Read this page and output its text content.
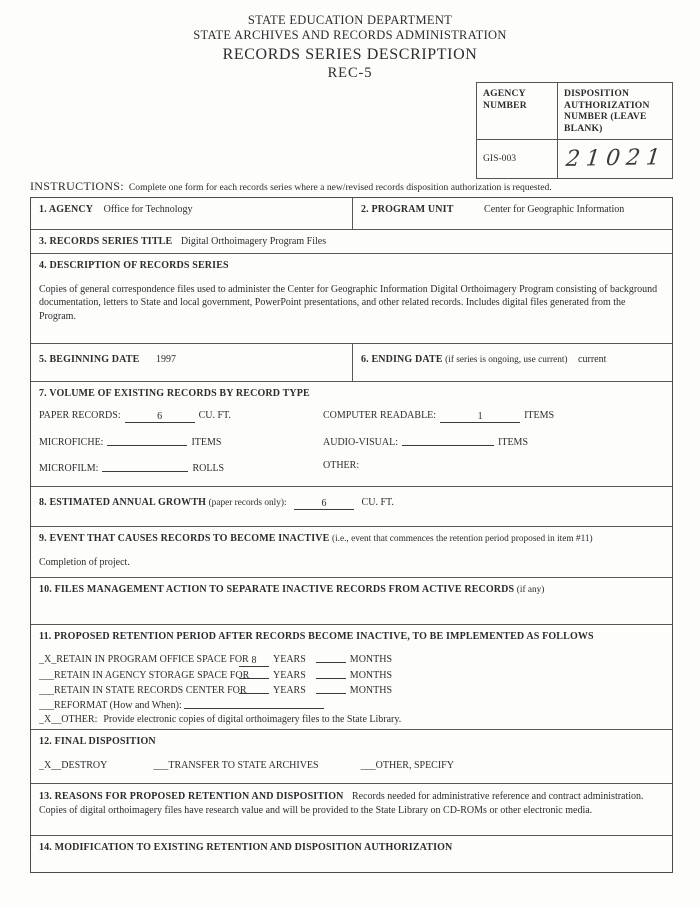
STATE EDUCATION DEPARTMENT
STATE ARCHIVES AND RECORDS ADMINISTRATION
RECORDS SERIES DESCRIPTION
REC-5
AGENCY NUMBER
DISPOSITION AUTHORIZATION NUMBER (LEAVE BLANK)
GIS-003	21021
INSTRUCTIONS: Complete one form for each records series where a new/revised records disposition authorization is requested.
1. AGENCY Office for Technology	2. PROGRAM UNIT	Center for Geographic Information
3. RECORDS SERIES TITLE Digital Orthoimagery Program Files
4. DESCRIPTION OF RECORDS SERIES
Copies of general correspondence files used to administer the Center for Geographic Information Digital Orthoimagery Program consisting of background documentation, letters to State and local government, PowerPoint presentations, and other related records. Includes digital files generated from the Program.
5. BEGINNING DATE 1997	6. ENDING DATE (if series is ongoing, use current) current
7. VOLUME OF EXISTING RECORDS BY RECORD TYPE
PAPER RECORDS:	6	CU. FT.	COMPUTER READABLE:	1	ITEMS
MICROFICHE:	ITEMS	AUDIO-VISUAL:	ITEMS
MICROFILM:	ROLLS	OTHER:
8. ESTIMATED ANNUAL GROWTH (paper records only):	6	CU. FT.
9. EVENT THAT CAUSES RECORDS TO BECOME INACTIVE (i.e., event that commences the retention period proposed in item #11)
Completion of project.
10. FILES MANAGEMENT ACTION TO SEPARATE INACTIVE RECORDS FROM ACTIVE RECORDS (if any)
11. PROPOSED RETENTION PERIOD AFTER RECORDS BECOME INACTIVE, TO BE IMPLEMENTED AS FOLLOWS
_X_RETAIN IN PROGRAM OFFICE SPACE FOR 8 YEARS	MONTHS
___RETAIN IN AGENCY STORAGE SPACE FOR YEARS	MONTHS
___RETAIN IN STATE RECORDS CENTER FOR	YEARS	MONTHS
___REFORMAT (How and When):
_X__OTHER: Provide electronic copies of digital orthoimagery files to the State Library.
12. FINAL DISPOSITION
_X__DESTROY	___TRANSFER TO STATE ARCHIVES	___OTHER, SPECIFY
13. REASONS FOR PROPOSED RETENTION AND DISPOSITION Records needed for administrative reference and contract administration. Copies of digital orthoimagery files have research value and will be provided to the State Library on CD-ROMs or other electronic media.
14. MODIFICATION TO EXISTING RETENTION AND DISPOSITION AUTHORIZATION
